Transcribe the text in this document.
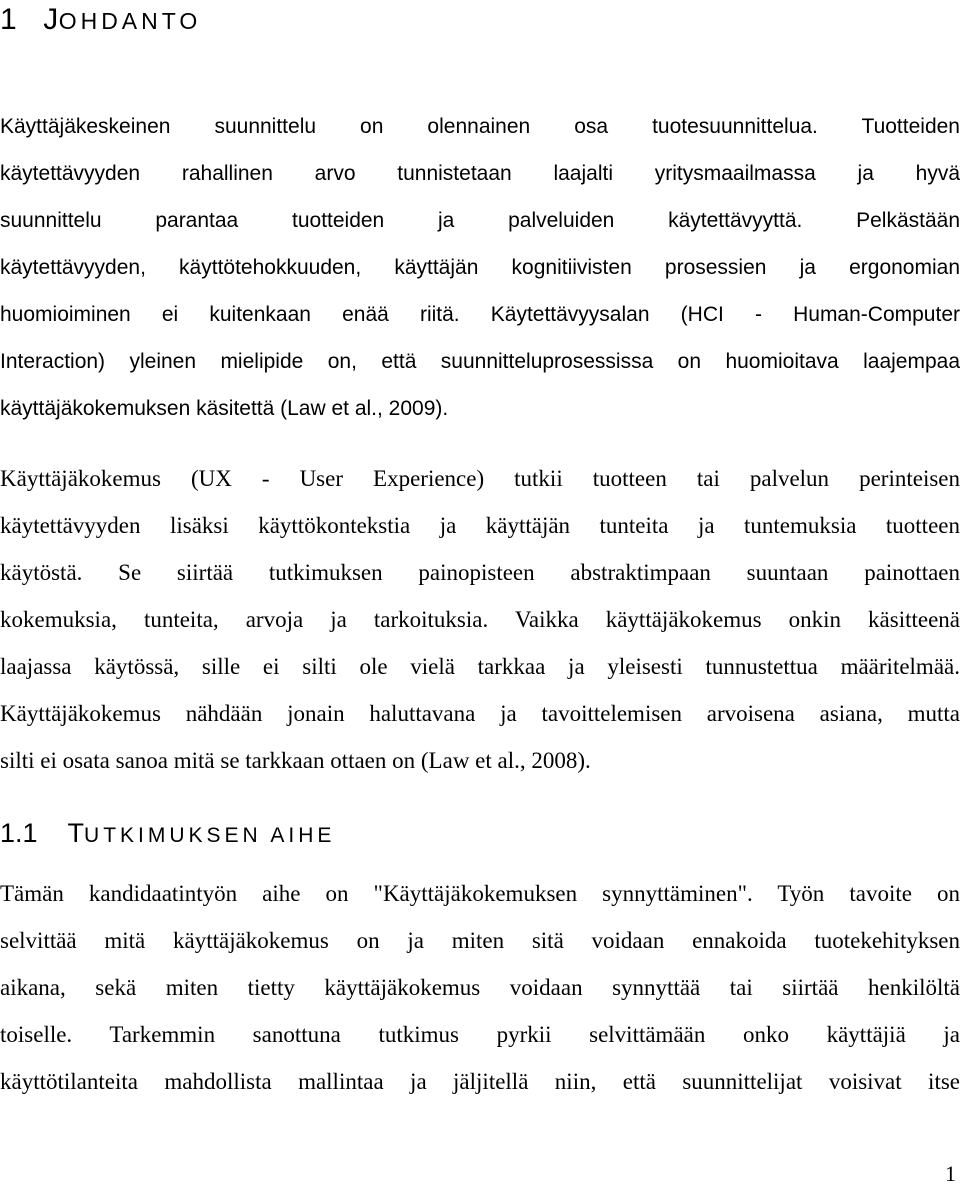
1 JOHDANTO
Käyttäjäkeskeinen suunnittelu on olennainen osa tuotesuunnittelua. Tuotteiden
käytettävyyden rahallinen arvo tunnistetaan laajalti yritysmaailmassa ja hyvä
suunnittelu parantaa tuotteiden ja palveluiden käytettävyyttä. Pelkästään
käytettävyyden, käyttötehokkuuden, käyttäjän kognitiivisten prosessien ja ergonomian
huomioiminen ei kuitenkaan enää riitä. Käytettävyysalan (HCI - Human-Computer
Interaction) yleinen mielipide on, että suunnitteluprosessissa on huomioitava laajempaa
käyttäjäkokemuksen käsitettä (Law et al., 2009).
Käyttäjäkokemus (UX - User Experience) tutkii tuotteen tai palvelun perinteisen
käytettävyyden lisäksi käyttökontekstia ja käyttäjän tunteita ja tuntemuksia tuotteen
käytöstä. Se siirtää tutkimuksen painopisteen abstraktimpaan suuntaan painottaen
kokemuksia, tunteita, arvoja ja tarkoituksia. Vaikka käyttäjäkokemus onkin käsitteenä
laajassa käytössä, sille ei silti ole vielä tarkkaa ja yleisesti tunnustettua määritelmää.
Käyttäjäkokemus nähdään jonain haluttavana ja tavoittelemisen arvoisena asiana, mutta
silti ei osata sanoa mitä se tarkkaan ottaen on (Law et al., 2008).
1.1 TUTKIMUKSEN AIHE
Tämän kandidaatintyön aihe on "Käyttäjäkokemuksen synnyttäminen". Työn tavoite on
selvittää mitä käyttäjäkokemus on ja miten sitä voidaan ennakoida tuotekehityksen
aikana, sekä miten tietty käyttäjäkokemus voidaan synnyttää tai siirtää henkilöltä
toiselle. Tarkemmin sanottuna tutkimus pyrkii selvittämään onko käyttäjiä ja
käyttötilanteita mahdollista mallintaa ja jäljitellä niin, että suunnittelijat voisivat itse
1
